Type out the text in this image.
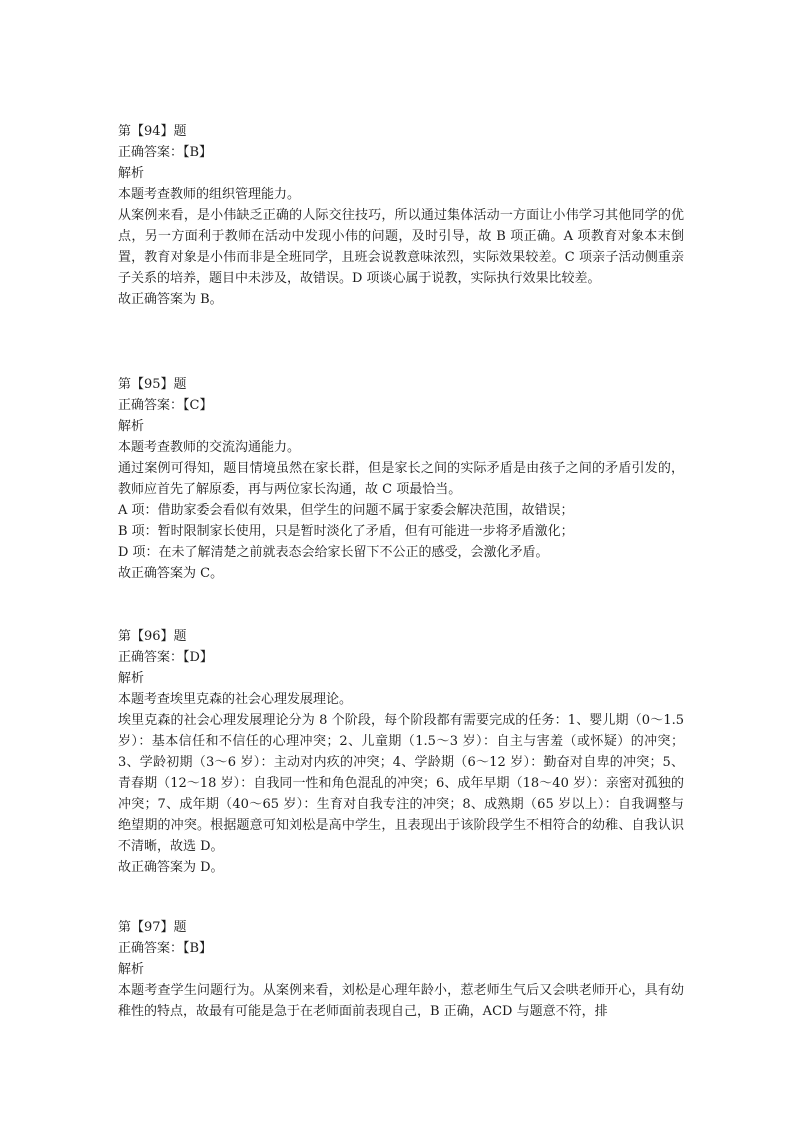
第【94】题

正确答案：【B】

解析

本题考查教师的组织管理能力。

从案例来看，是小伟缺乏正确的人际交往技巧，所以通过集体活动一方面让小伟学习其他同学的优点，另一方面利于教师在活动中发现小伟的问题，及时引导，故 B 项正确。A 项教育对象本末倒置，教育对象是小伟而非是全班同学，且班会说教意味浓烈，实际效果较差。C 项亲子活动侧重亲子关系的培养，题目中未涉及，故错误。D 项谈心属于说教，实际执行效果比较差。

故正确答案为 B。

第【95】题

正确答案：【C】

解析

本题考查教师的交流沟通能力。

通过案例可得知，题目情境虽然在家长群，但是家长之间的实际矛盾是由孩子之间的矛盾引发的，教师应首先了解原委，再与两位家长沟通，故 C 项最恰当。

A 项：借助家委会看似有效果，但学生的问题不属于家委会解决范围，故错误；

B 项：暂时限制家长使用，只是暂时淡化了矛盾，但有可能进一步将矛盾激化；

D 项：在未了解清楚之前就表态会给家长留下不公正的感受，会激化矛盾。

故正确答案为 C。

第【96】题

正确答案：【D】

解析

本题考查埃里克森的社会心理发展理论。

埃里克森的社会心理发展理论分为 8 个阶段，每个阶段都有需要完成的任务：1、婴儿期（0～1.5 岁）：基本信任和不信任的心理冲突；2、儿童期（1.5～3 岁）：自主与害羞（或怀疑）的冲突；3、学龄初期（3～6 岁）：主动对内疚的冲突；4、学龄期（6～12 岁）：勤奋对自卑的冲突；5、青春期（12～18 岁）：自我同一性和角色混乱的冲突；6、成年早期（18～40 岁）：亲密对孤独的冲突；7、成年期（40～65 岁）：生育对自我专注的冲突；8、成熟期（65 岁以上）：自我调整与绝望期的冲突。根据题意可知刘松是高中学生，且表现出于该阶段学生不相符合的幼稚、自我认识不清晰，故选 D。

故正确答案为 D。

第【97】题

正确答案：【B】

解析

本题考查学生问题行为。从案例来看，刘松是心理年龄小，惹老师生气后又会哄老师开心，具有幼稚性的特点，故最有可能是急于在老师面前表现自己，B 正确，ACD 与题意不符，排
